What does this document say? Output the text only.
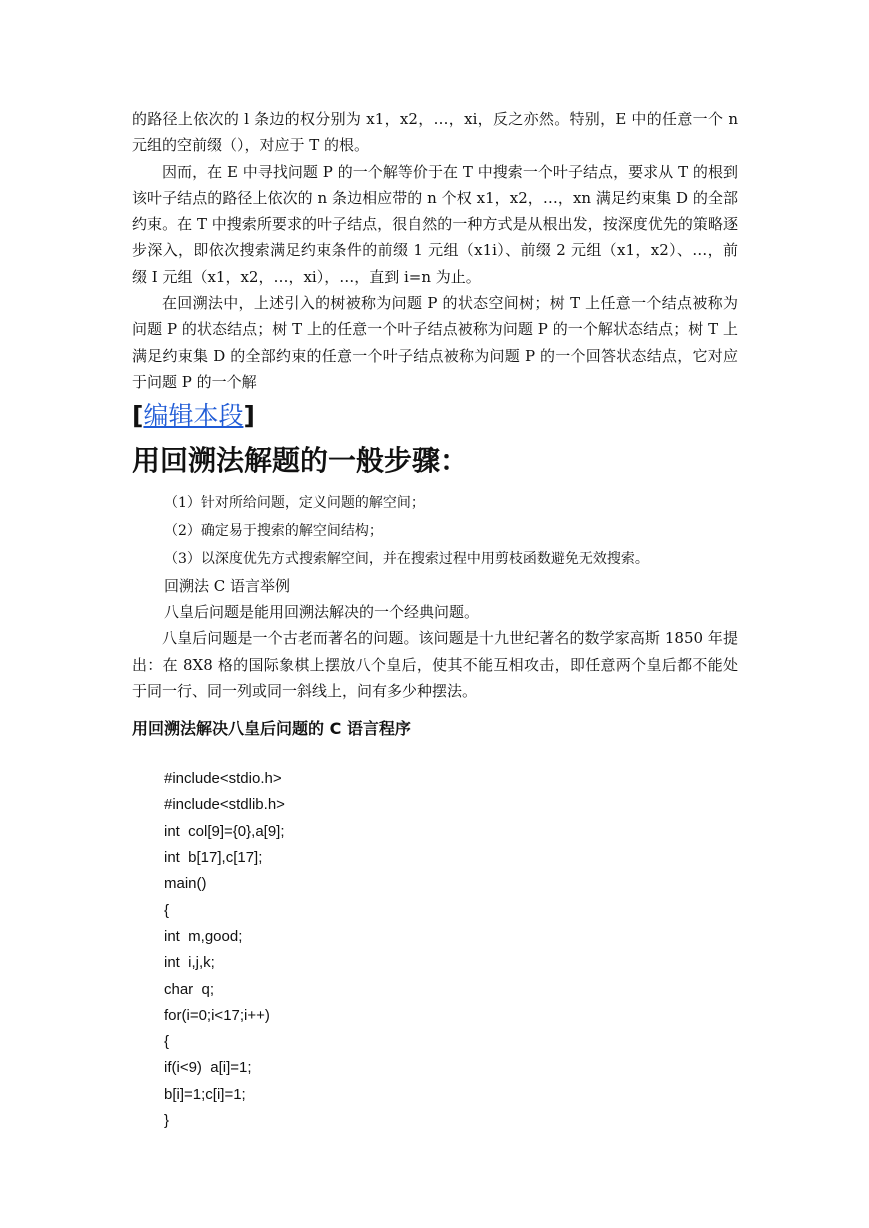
的路径上依次的 l 条边的权分别为 x1，x2，…，xi，反之亦然。特别，E 中的任意一个 n 元组的空前缀（），对应于 T 的根。

因而，在 E 中寻找问题 P 的一个解等价于在 T 中搜索一个叶子结点，要求从 T 的根到该叶子结点的路径上依次的 n 条边相应带的 n 个权 x1，x2，…，xn 满足约束集 D 的全部约束。在 T 中搜索所要求的叶子结点，很自然的一种方式是从根出发，按深度优先的策略逐步深入，即依次搜索满足约束条件的前缀 1 元组（x1i）、前缀 2 元组（x1，x2）、…，前缀 I 元组（x1，x2，…，xi），…，直到 i=n 为止。

在回溯法中，上述引入的树被称为问题 P 的状态空间树；树 T 上任意一个结点被称为问题 P 的状态结点；树 T 上的任意一个叶子结点被称为问题 P 的一个解状态结点；树 T 上满足约束集 D 的全部约束的任意一个叶子结点被称为问题 P 的一个回答状态结点，它对应于问题 P 的一个解

[编辑本段]
用回溯法解题的一般步骤：
（1）针对所给问题，定义问题的解空间；
（2）确定易于搜索的解空间结构；
（3）以深度优先方式搜索解空间，并在搜索过程中用剪枝函数避免无效搜索。
回溯法 C 语言举例
八皇后问题是能用回溯法解决的一个经典问题。

八皇后问题是一个古老而著名的问题。该问题是十九世纪著名的数学家高斯 1850 年提出：在 8X8 格的国际象棋上摆放八个皇后，使其不能互相攻击，即任意两个皇后都不能处于同一行、同一列或同一斜线上，问有多少种摆法。

用回溯法解决八皇后问题的 C 语言程序
#include<stdio.h>
#include<stdlib.h>
int  col[9]={0},a[9];
int  b[17],c[17];
main()
{
int  m,good;
int  i,j,k;
char  q;
for(i=0;i<17;i++)
{
if(i<9)  a[i]=1;
b[i]=1;c[i]=1;
}
